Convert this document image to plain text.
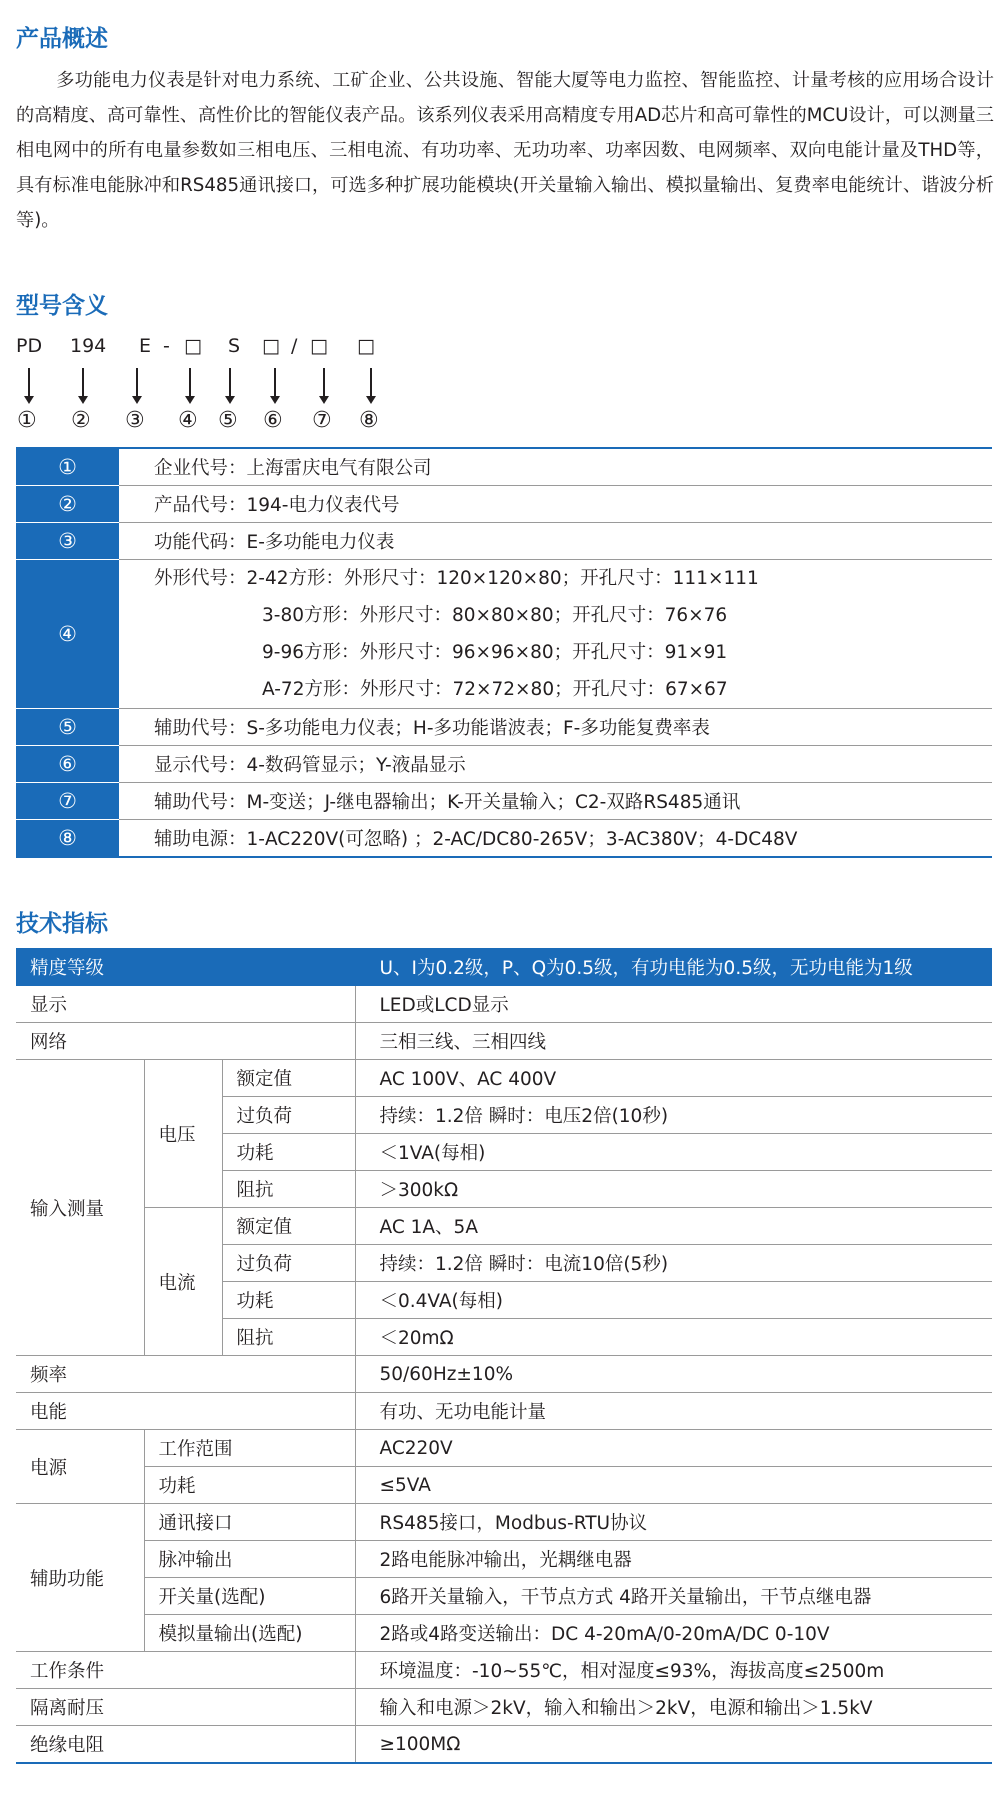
产品概述

多功能电力仪表是针对电力系统、工矿企业、公共设施、智能大厦等电力监控、智能监控、计量考核的应用场合设计的高精度、高可靠性、高性价比的智能仪表产品。该系列仪表采用高精度专用AD芯片和高可靠性的MCU设计，可以测量三相电网中的所有电量参数如三相电压、三相电流、有功功率、无功功率、功率因数、电网频率、双向电能计量及THD等，具有标准电能脉冲和RS485通讯接口，可选多种扩展功能模块(开关量输入输出、模拟量输出、复费率电能统计、谐波分析等)。

型号含义
PD 194 E - □ S □ / □ □
① ② ③ ④ ⑤ ⑥ ⑦ ⑧
①	企业代号：上海雷庆电气有限公司
②	产品代号：194-电力仪表代号
③	功能代码：E-多功能电力仪表
④	外形代号：2-42方形：外形尺寸：120×120×80；开孔尺寸：111×111
3-80方形：外形尺寸：80×80×80；开孔尺寸：76×76
9-96方形：外形尺寸：96×96×80；开孔尺寸：91×91
A-72方形：外形尺寸：72×72×80；开孔尺寸：67×67

⑤	辅助代号：S-多功能电力仪表；H-多功能谐波表；F-多功能复费率表
⑥	显示代号：4-数码管显示；Y-液晶显示
⑦	辅助代号：M-变送；J-继电器输出；K-开关量输入；C2-双路RS485通讯
⑧	辅助电源：1-AC220V(可忽略) ；2-AC/DC80-265V；3-AC380V；4-DC48V
技术指标
精度等级			U、I为0.2级，P、Q为0.5级，有功电能为0.5级，无功电能为1级
显示			LED或LCD显示
网络			三相三线、三相四线
输入测量	电压	额定值	AC 100V、AC 400V
		过负荷	持续：1.2倍 瞬时：电压2倍(10秒)
		功耗	＜1VA(每相)
		阻抗	＞300kΩ
	电流	额定值	AC 1A、5A
		过负荷	持续：1.2倍 瞬时：电流10倍(5秒)
		功耗	＜0.4VA(每相)
		阻抗	＜20mΩ
频率			50/60Hz±10%
电能			有功、无功电能计量
电源	工作范围		AC220V
	功耗		≤5VA
辅助功能	通讯接口		RS485接口，Modbus-RTU协议
	脉冲输出		2路电能脉冲输出，光耦继电器
	开关量(选配)		6路开关量输入，干节点方式 4路开关量输出，干节点继电器
	模拟量输出(选配)		2路或4路变送输出：DC 4-20mA/0-20mA/DC 0-10V
工作条件			环境温度：-10~55℃，相对湿度≤93%，海拔高度≤2500m
隔离耐压			输入和电源＞2kV，输入和输出＞2kV，电源和输出＞1.5kV
绝缘电阻			≥100MΩ
